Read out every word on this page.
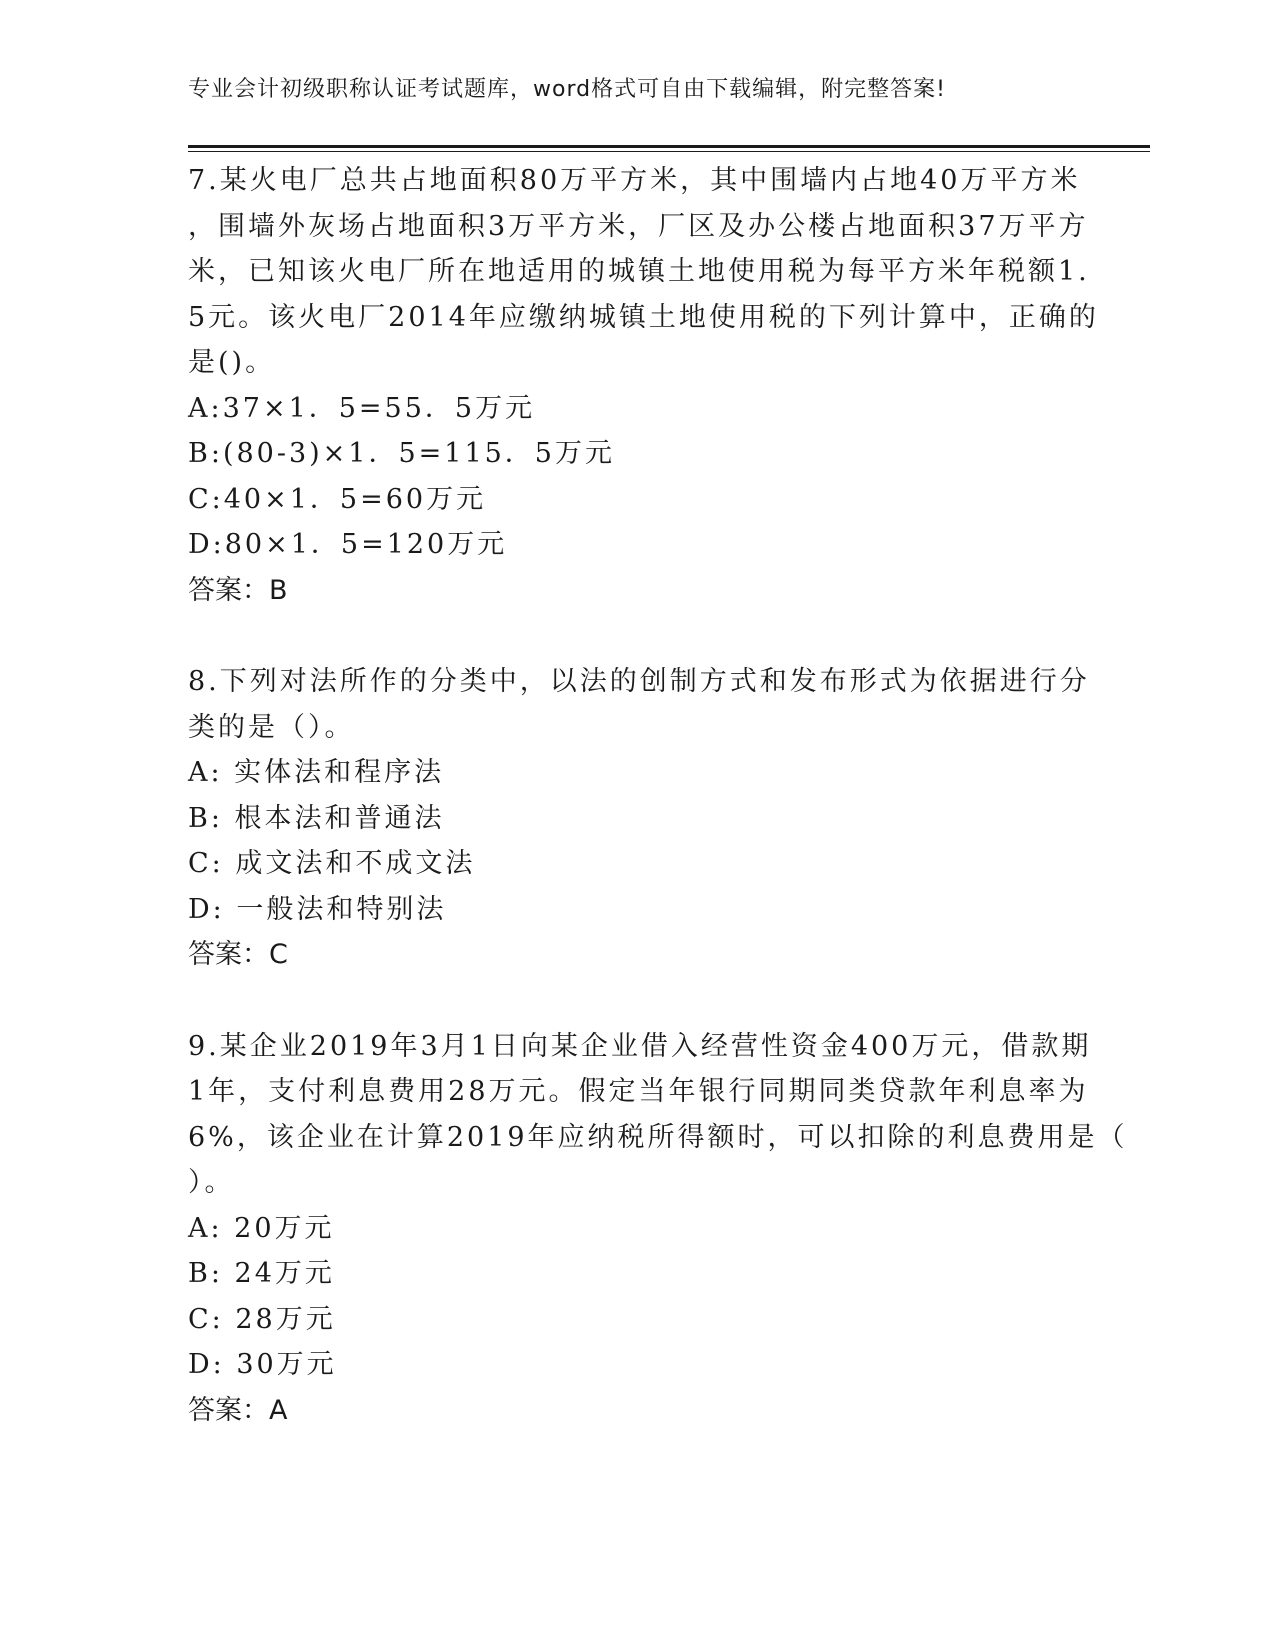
专业会计初级职称认证考试题库，word格式可自由下载编辑，附完整答案!

7.某火电厂总共占地面积80万平方米，其中围墙内占地40万平方米
，围墙外灰场占地面积3万平方米，厂区及办公楼占地面积37万平方
米，已知该火电厂所在地适用的城镇土地使用税为每平方米年税额1.
5元。该火电厂2014年应缴纳城镇土地使用税的下列计算中，正确的
是()。

A:37×1．5=55．5万元
B:(80-3)×1．5=115．5万元
C:40×1．5=60万元
D:80×1．5=120万元
答案：B

8.下列对法所作的分类中，以法的创制方式和发布形式为依据进行分
类的是（）。

A: 实体法和程序法
B: 根本法和普通法
C: 成文法和不成文法
D: 一般法和特别法
答案：C

9.某企业2019年3月1日向某企业借入经营性资金400万元，借款期
1年，支付利息费用28万元。假定当年银行同期同类贷款年利息率为
6%，该企业在计算2019年应纳税所得额时，可以扣除的利息费用是（
）。

A: 20万元
B: 24万元
C: 28万元
D: 30万元
答案：A
